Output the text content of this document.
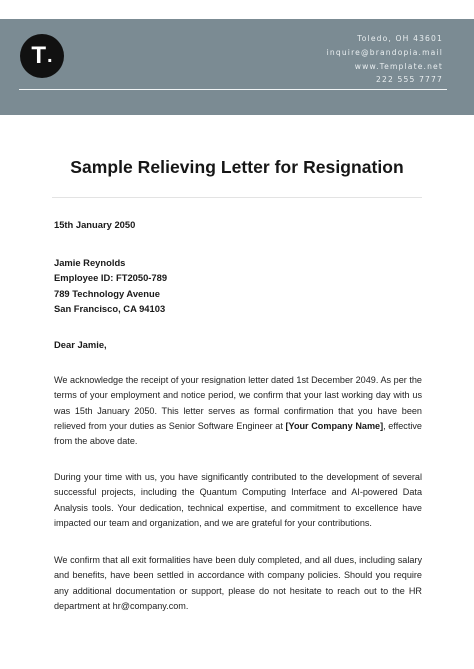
T .
Toledo, OH 43601
inquire@brandopia.mail
www.Template.net
222 555 7777
Sample Relieving Letter for Resignation
15th January 2050
Jamie Reynolds
Employee ID: FT2050-789
789 Technology Avenue
San Francisco, CA 94103
Dear Jamie,
We acknowledge the receipt of your resignation letter dated 1st December 2049. As per the terms of your employment and notice period, we confirm that your last working day with us was 15th January 2050. This letter serves as formal confirmation that you have been relieved from your duties as Senior Software Engineer at [Your Company Name], effective from the above date.
During your time with us, you have significantly contributed to the development of several successful projects, including the Quantum Computing Interface and AI-powered Data Analysis tools. Your dedication, technical expertise, and commitment to excellence have impacted our team and organization, and we are grateful for your contributions.
We confirm that all exit formalities have been duly completed, and all dues, including salary and benefits, have been settled in accordance with company policies. Should you require any additional documentation or support, please do not hesitate to reach out to the HR department at hr@company.com.
